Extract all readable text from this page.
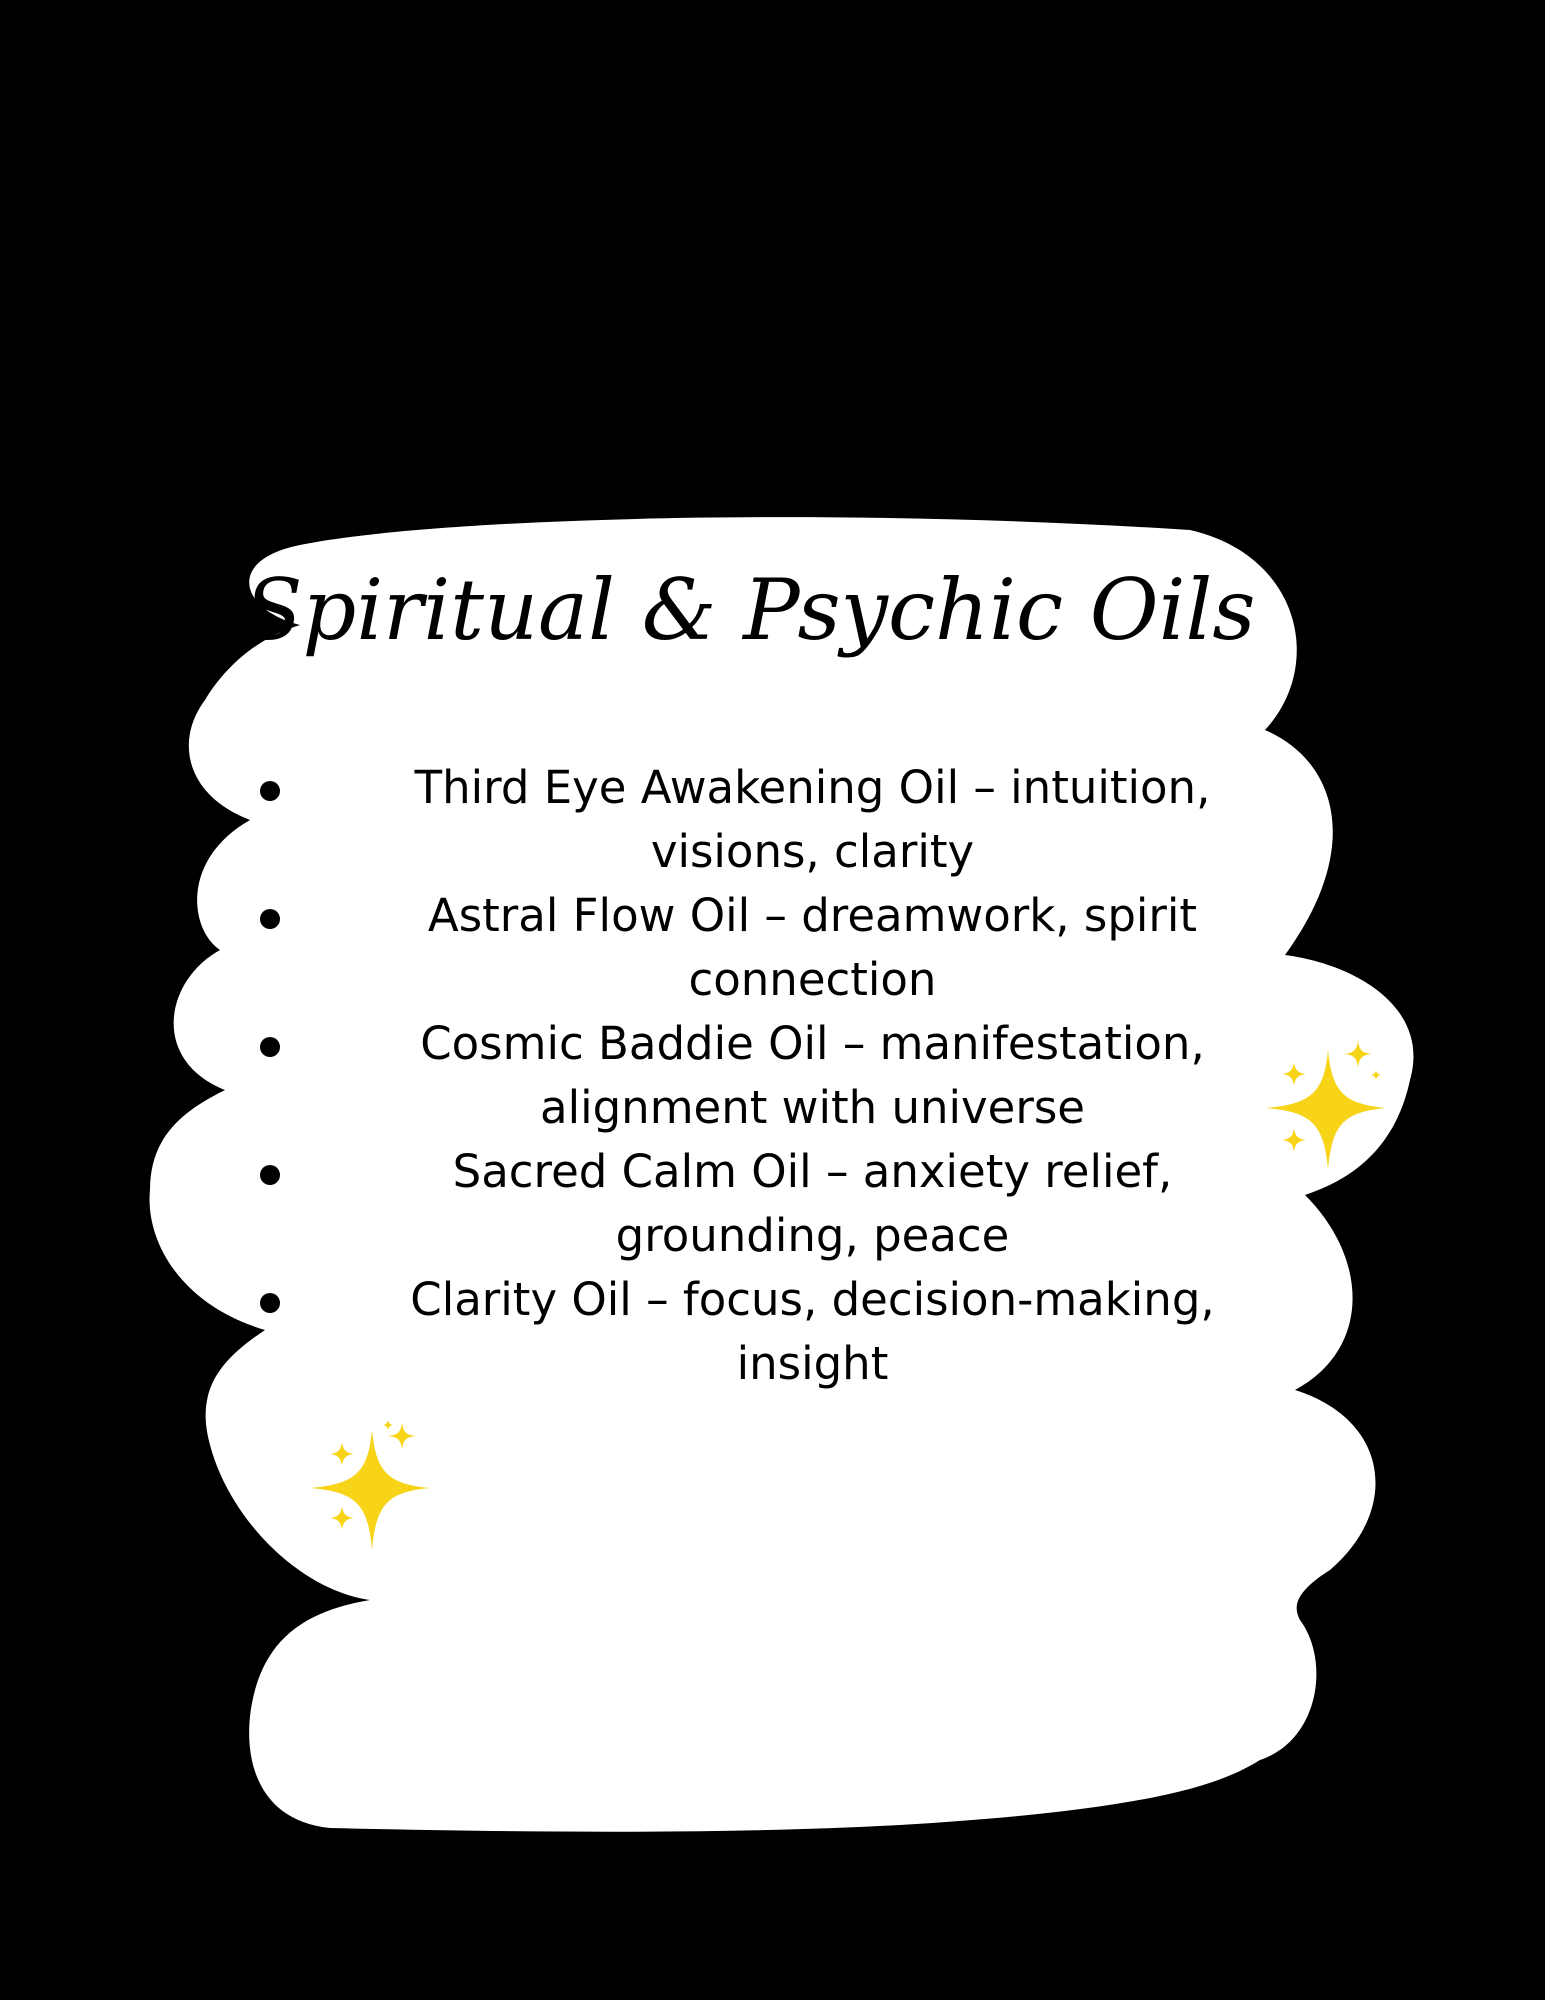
Spiritual & Psychic Oils
Third Eye Awakening Oil – intuition, visions, clarity
Astral Flow Oil – dreamwork, spirit connection
Cosmic Baddie Oil – manifestation, alignment with universe
Sacred Calm Oil – anxiety relief, grounding, peace
Clarity Oil – focus, decision-making, insight
